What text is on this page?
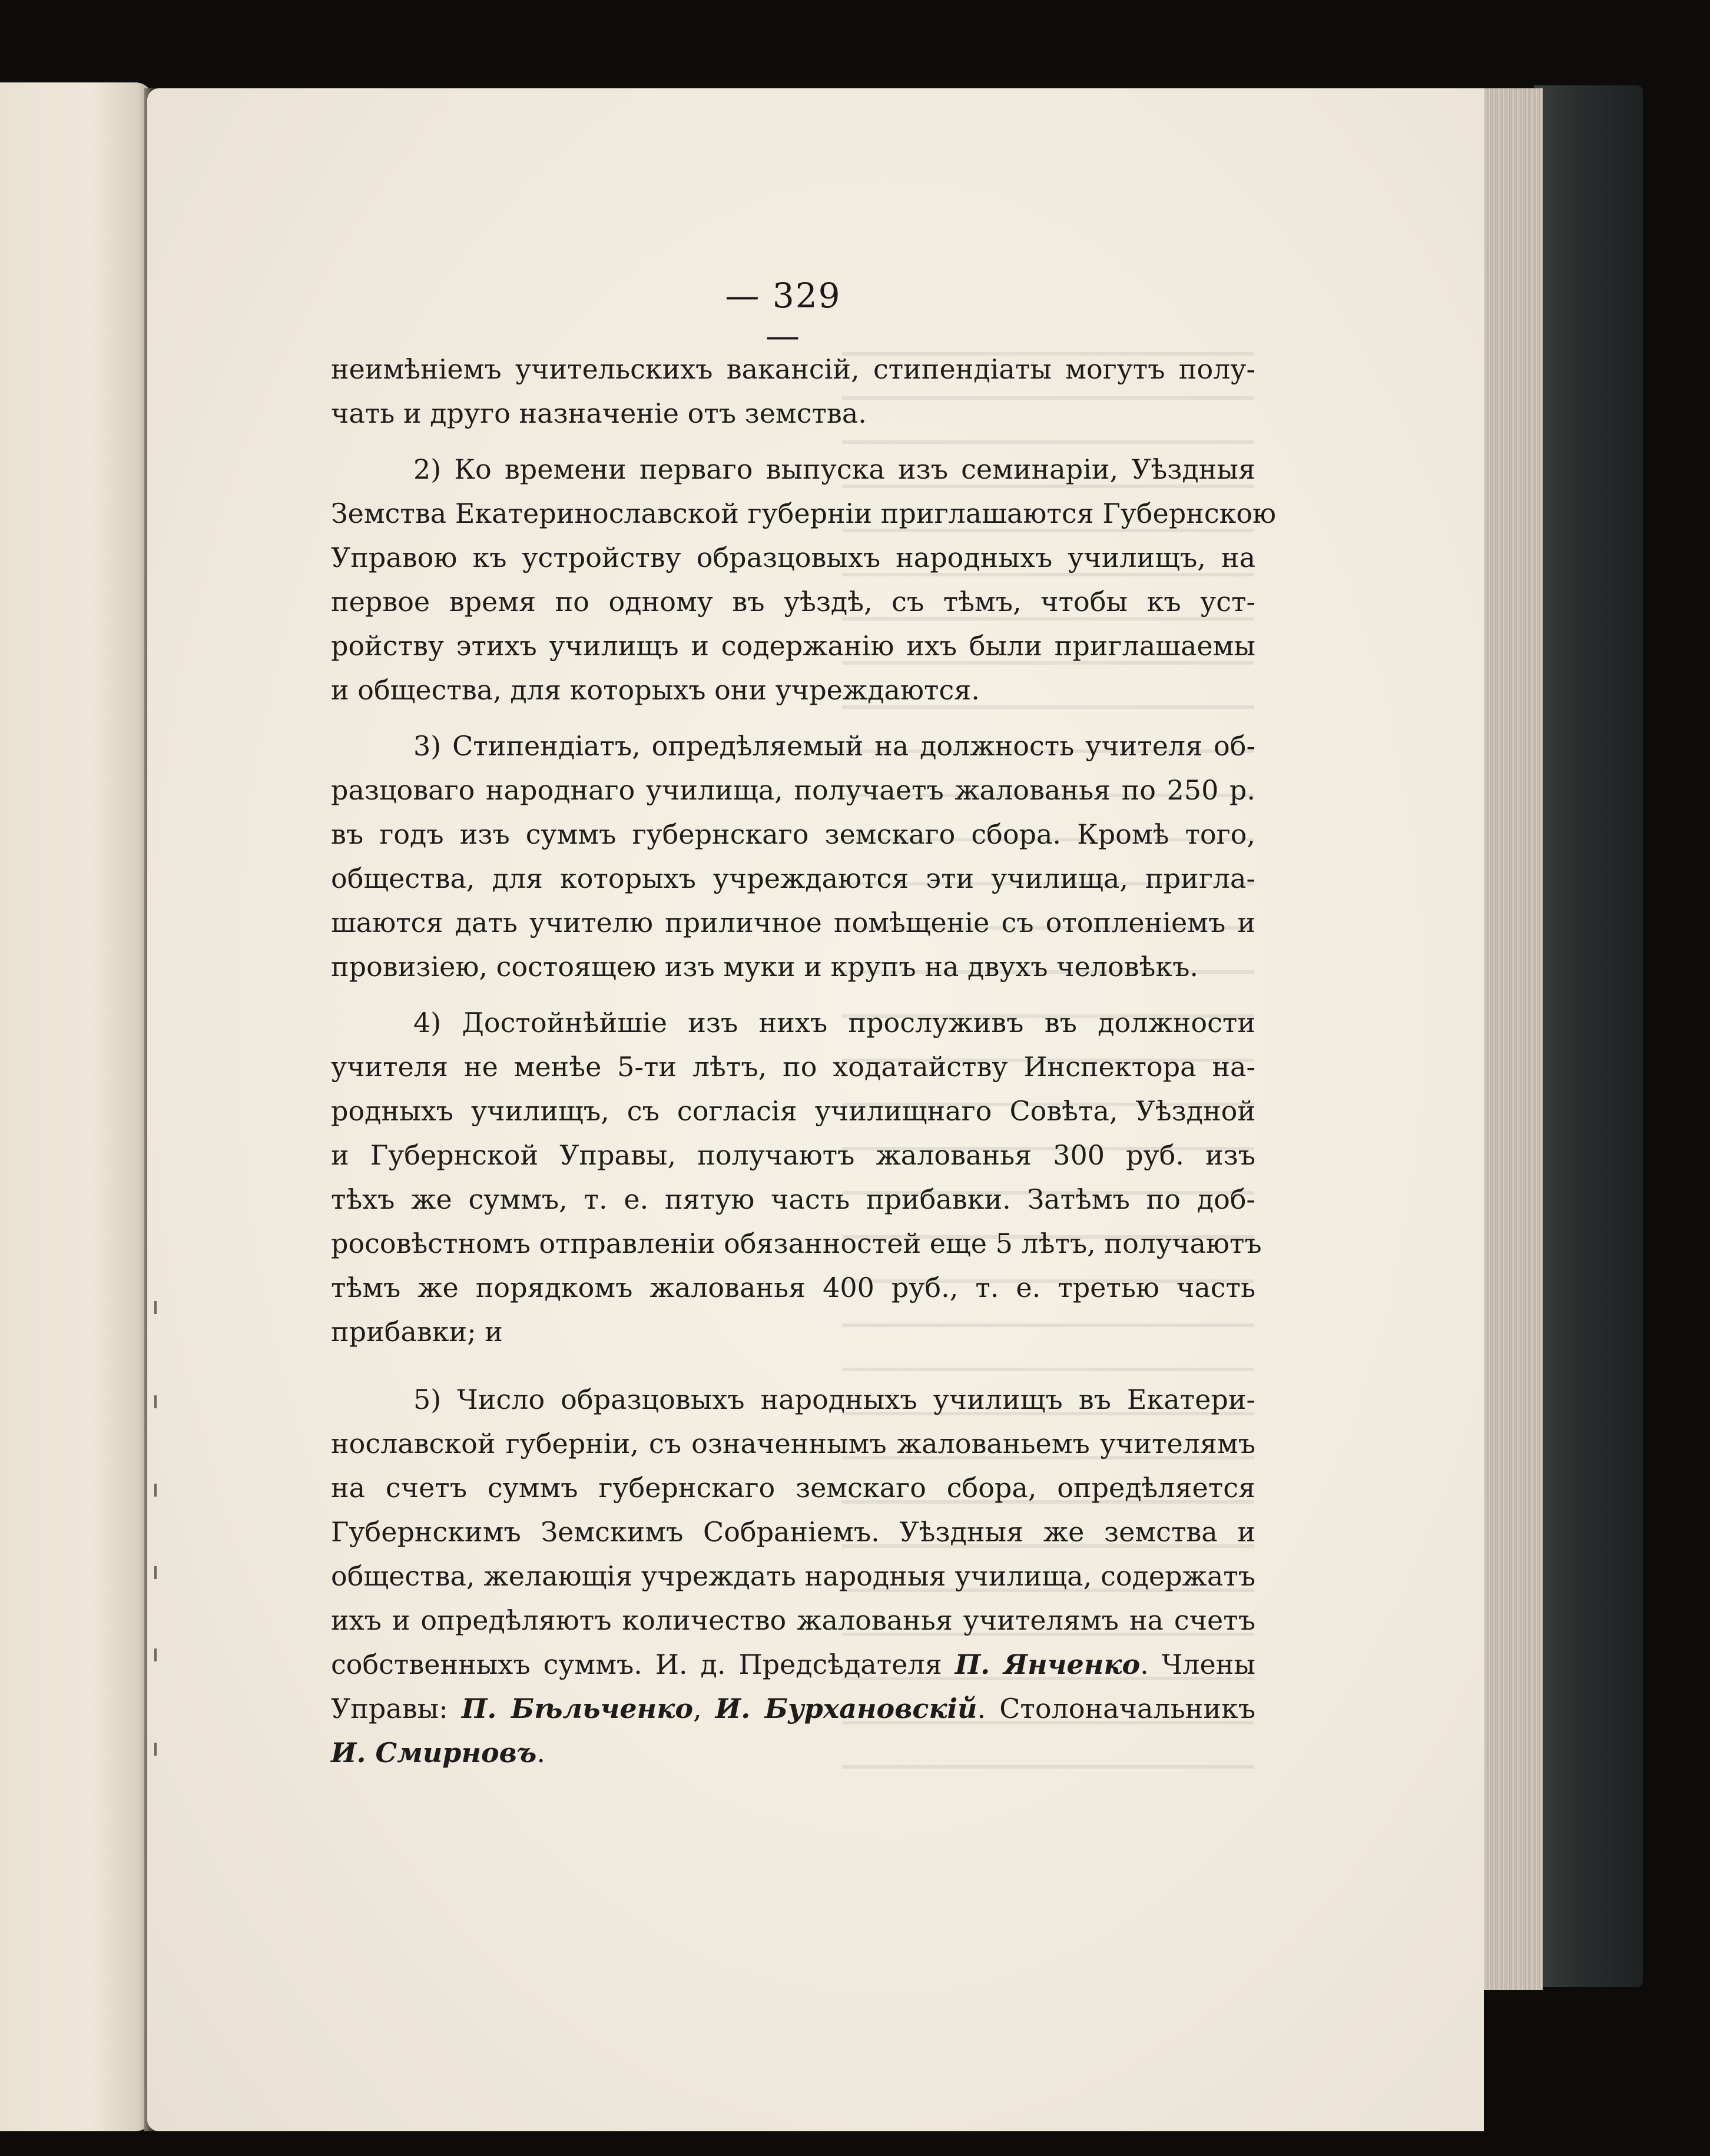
— 329 —

неимѣніемъ учительскихъ вакансій, стипендіаты могутъ полу-
чать и друго назначеніе отъ земства.

2) Ко времени перваго выпуска изъ семинаріи, Уѣздныя
Земства Екатеринославской губерніи приглашаются Губернскою
Управою къ устройству образцовыхъ народныхъ училищъ, на
первое время по одному въ уѣздѣ, съ тѣмъ, чтобы къ уст-
ройству этихъ училищъ и содержанію ихъ были приглашаемы
и общества, для которыхъ они учреждаются.

3) Стипендіатъ, опредѣляемый на должность учителя об-
разцоваго народнаго училища, получаетъ жалованья по 250 р.
въ годъ изъ суммъ губернскаго земскаго сбора. Кромѣ того,
общества, для которыхъ учреждаются эти училища, пригла-
шаются дать учителю приличное помѣщеніе съ отопленіемъ и
провизіею, состоящею изъ муки и крупъ на двухъ человѣкъ.

4) Достойнѣйшіе изъ нихъ прослуживъ въ должности
учителя не менѣе 5-ти лѣтъ, по ходатайству Инспектора на-
родныхъ училищъ, съ согласія училищнаго Совѣта, Уѣздной
и Губернской Управы, получаютъ жалованья 300 руб. изъ
тѣхъ же суммъ, т. е. пятую часть прибавки. Затѣмъ по доб-
росовѣстномъ отправленіи обязанностей еще 5 лѣтъ, получаютъ
тѣмъ же порядкомъ жалованья 400 руб., т. е. третью часть
прибавки; и

5) Число образцовыхъ народныхъ училищъ въ Екатери-
нославской губерніи, съ означеннымъ жалованьемъ учителямъ
на счетъ суммъ губернскаго земскаго сбора, опредѣляется
Губернскимъ Земскимъ Собраніемъ. Уѣздныя же земства и
общества, желающія учреждать народныя училища, содержатъ
ихъ и опредѣляютъ количество жалованья учителямъ на счетъ
собственныхъ суммъ. И. д. Предсѣдателя П. Янченко. Члены
Управы: П. Бѣльченко, И. Бурхановскій. Столоначальникъ
И. Смирновъ.
